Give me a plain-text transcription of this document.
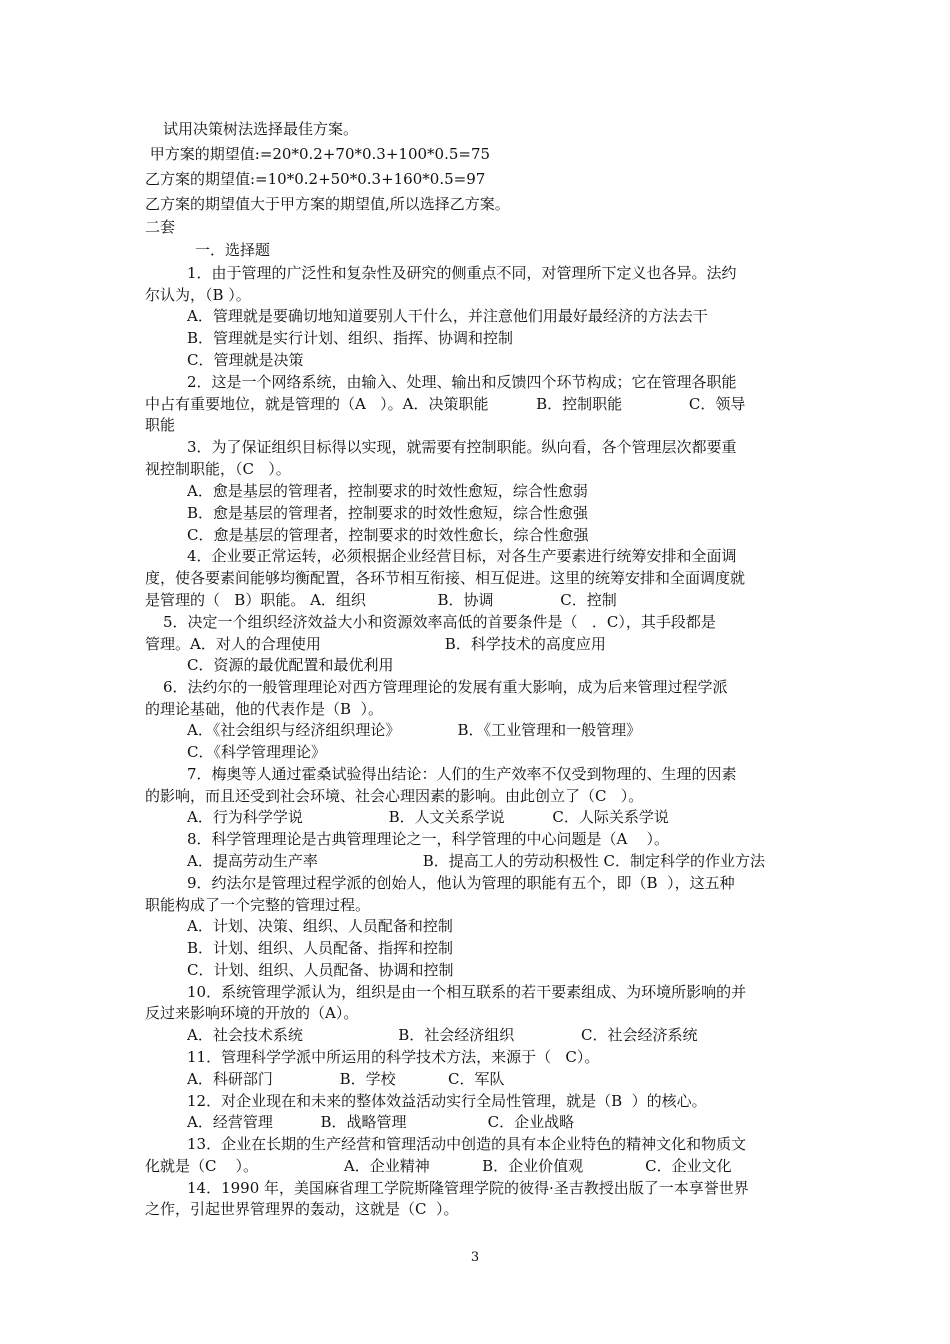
试用决策树法选择最佳方案。
甲方案的期望值:=20*0.2+70*0.3+100*0.5=75
乙方案的期望值:=10*0.2+50*0.3+160*0.5=97
乙方案的期望值大于甲方案的期望值,所以选择乙方案。
二套
一．选择题
1．由于管理的广泛性和复杂性及研究的侧重点不同，对管理所下定义也各异。法约
尔认为，（B ）。
A．管理就是要确切地知道要别人干什么，并注意他们用最好最经济的方法去干
B．管理就是实行计划、组织、指挥、协调和控制
C．管理就是决策
2．这是一个网络系统，由输入、处理、输出和反馈四个环节构成；它在管理各职能
中占有重要地位，就是管理的（A   ）。A．决策职能          B．控制职能              C．领导
职能
3．为了保证组织目标得以实现，就需要有控制职能。纵向看，各个管理层次都要重
视控制职能，（C   ）。
A．愈是基层的管理者，控制要求的时效性愈短，综合性愈弱
B．愈是基层的管理者，控制要求的时效性愈短，综合性愈强
C．愈是基层的管理者，控制要求的时效性愈长，综合性愈强
4．企业要正常运转，必须根据企业经营目标，对各生产要素进行统筹安排和全面调
度，使各要素间能够均衡配置，各环节相互衔接、相互促进。这里的统筹安排和全面调度就
是管理的（   B）职能。 A．组织               B．协调              C．控制
5．决定一个组织经济效益大小和资源效率高低的首要条件是（   ．C），其手段都是
管理。A．对人的合理使用                          B．科学技术的高度应用
C．资源的最优配置和最优利用
6．法约尔的一般管理理论对西方管理理论的发展有重大影响，成为后来管理过程学派
的理论基础，他的代表作是（B  ）。
A．《社会组织与经济组织理论》            B．《工业管理和一般管理》
C．《科学管理理论》
7．梅奥等人通过霍桑试验得出结论：人们的生产效率不仅受到物理的、生理的因素
的影响，而且还受到社会环境、社会心理因素的影响。由此创立了（C   ）。
A．行为科学学说                  B．人文关系学说          C．人际关系学说
8．科学管理理论是古典管理理论之一，科学管理的中心问题是（A    ）。
A．提高劳动生产率                      B．提高工人的劳动积极性 C．制定科学的作业方法
9．约法尔是管理过程学派的创始人，他认为管理的职能有五个，即（B  ），这五种
职能构成了一个完整的管理过程。
A．计划、决策、组织、人员配备和控制
B．计划、组织、人员配备、指挥和控制
C．计划、组织、人员配备、协调和控制
10．系统管理学派认为，组织是由一个相互联系的若干要素组成、为环境所影响的并
反过来影响环境的开放的（A）。
A．社会技术系统                    B．社会经济组织              C．社会经济系统
11．管理科学学派中所运用的科学技术方法，来源于（   C）。
A．科研部门              B．学校           C．军队
12．对企业现在和未来的整体效益活动实行全局性管理，就是（B  ）的核心。
A．经营管理          B．战略管理                 C．企业战略
13．企业在长期的生产经营和管理活动中创造的具有本企业特色的精神文化和物质文
化就是（C    ）。                  A．企业精神           B．企业价值观             C．企业文化
14．1990 年，美国麻省理工学院斯隆管理学院的彼得·圣吉教授出版了一本享誉世界
之作，引起世界管理界的轰动，这就是（C  ）。
3
